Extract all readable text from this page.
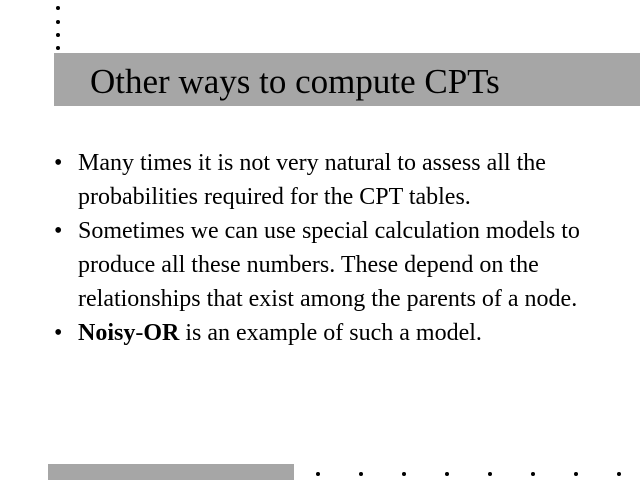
Other ways to compute CPTs
• Many times it is not very natural to assess all the probabilities required for the CPT tables.
• Sometimes we can use special calculation models to produce all these numbers. These depend on the relationships that exist among the parents of a node.
• Noisy-OR is an example of such a model.
